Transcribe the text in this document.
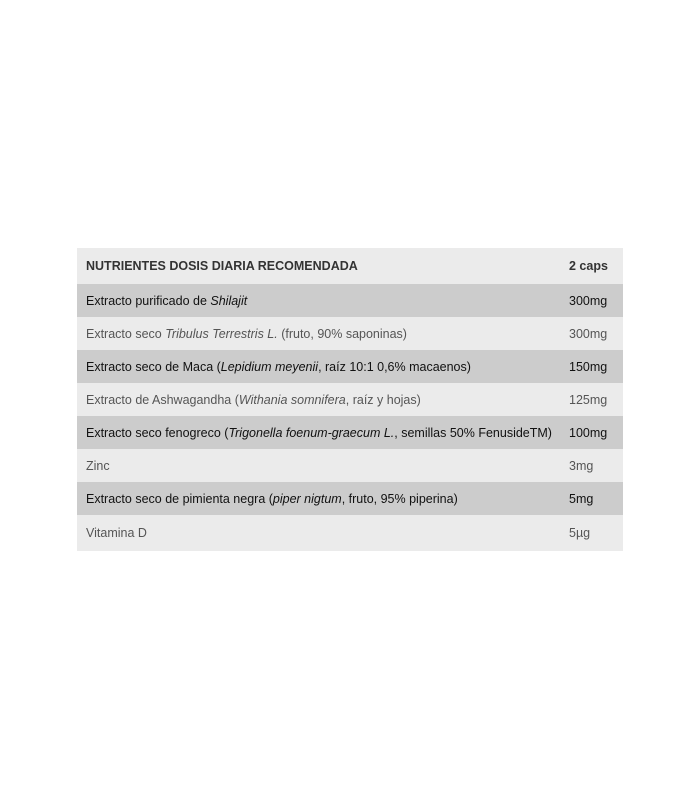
NUTRIENTES DOSIS DIARIA RECOMENDADA	2 caps
Extracto purificado de Shilajit	300mg
Extracto seco Tribulus Terrestris L. (fruto, 90% saponinas)	300mg
Extracto seco de Maca (Lepidium meyenii, raíz 10:1 0,6% macaenos)	150mg
Extracto de Ashwagandha (Withania somnifera, raíz y hojas)	125mg
Extracto seco fenogreco (Trigonella foenum-graecum L., semillas 50% FenusideTM)	100mg
Zinc	3mg
Extracto seco de pimienta negra (piper nigtum, fruto, 95% piperina)	5mg
Vitamina D	5µg
